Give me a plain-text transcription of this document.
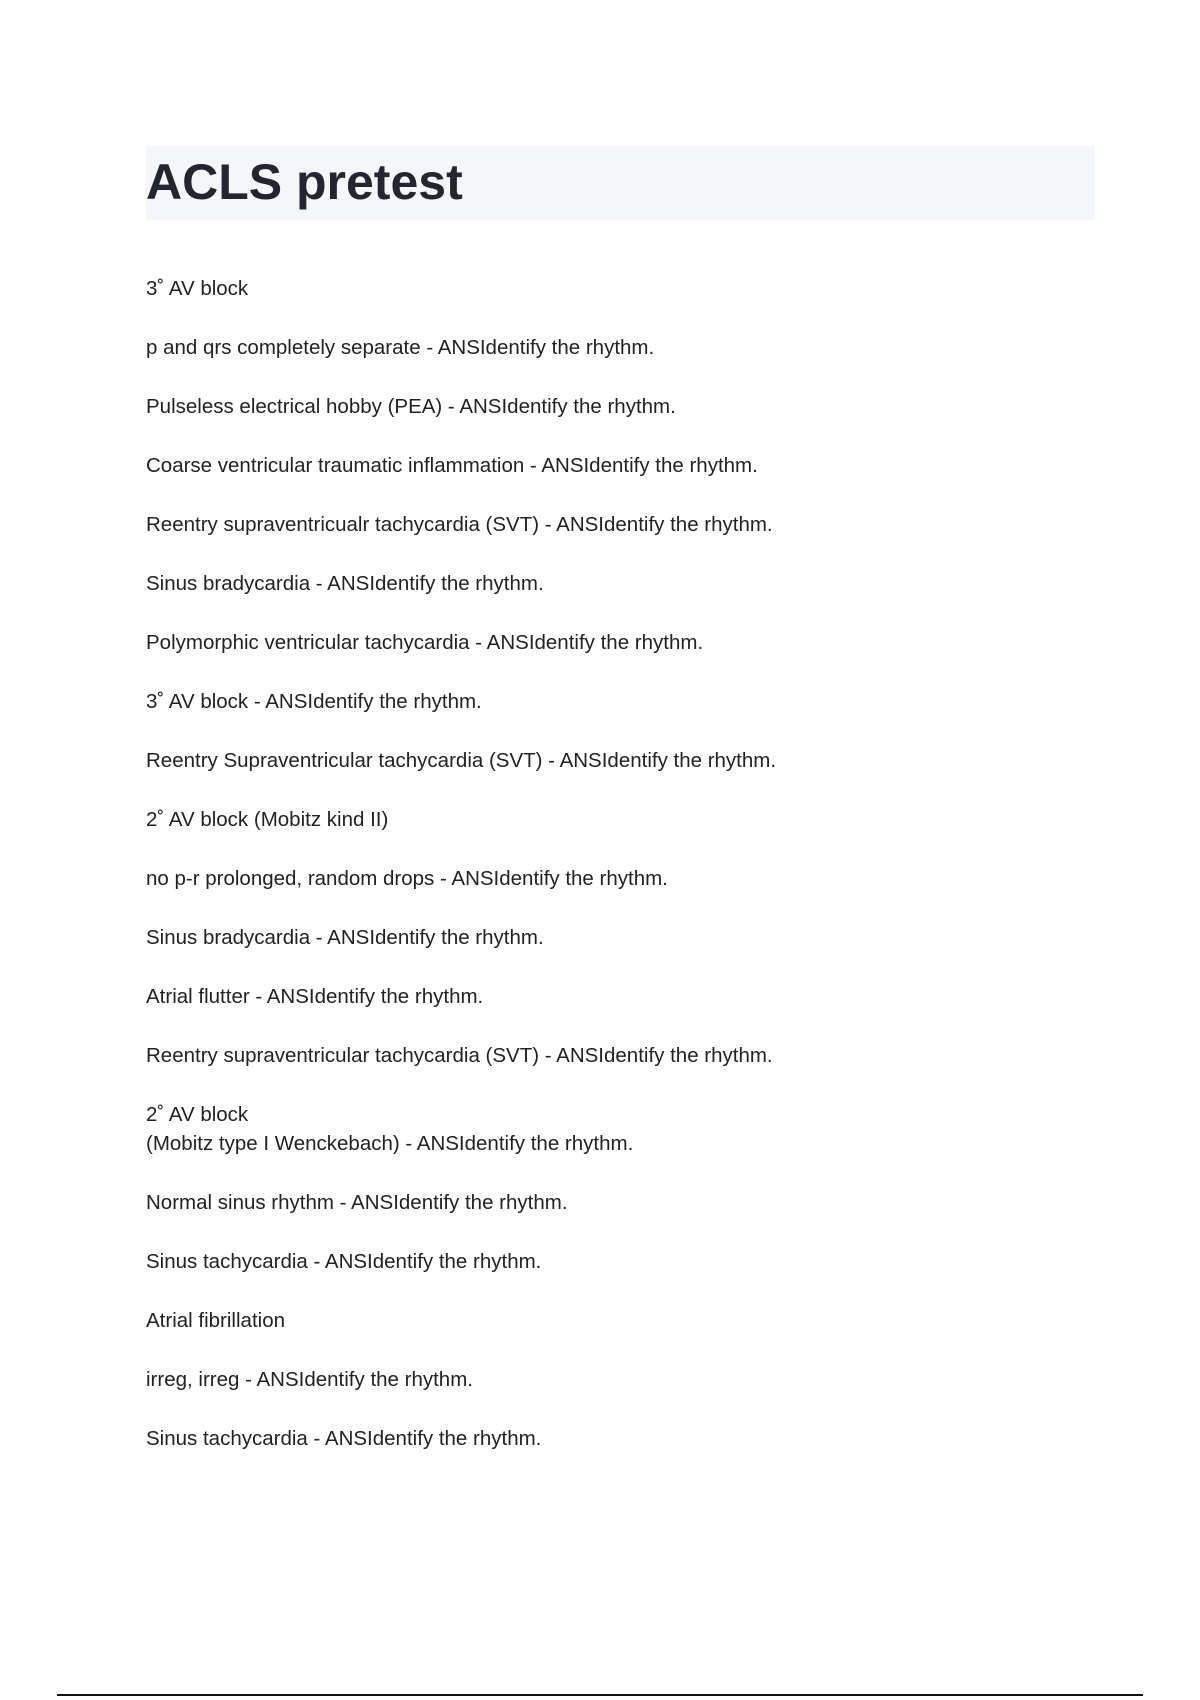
ACLS pretest

3˚ AV block

p and qrs completely separate - ANSIdentify the rhythm.

Pulseless electrical hobby (PEA) - ANSIdentify the rhythm.

Coarse ventricular traumatic inflammation - ANSIdentify the rhythm.

Reentry supraventricualr tachycardia (SVT) - ANSIdentify the rhythm.

Sinus bradycardia - ANSIdentify the rhythm.

Polymorphic ventricular tachycardia - ANSIdentify the rhythm.

3˚ AV block - ANSIdentify the rhythm.

Reentry Supraventricular tachycardia (SVT) - ANSIdentify the rhythm.

2˚ AV block (Mobitz kind II)

no p-r prolonged, random drops - ANSIdentify the rhythm.

Sinus bradycardia - ANSIdentify the rhythm.

Atrial flutter - ANSIdentify the rhythm.

Reentry supraventricular tachycardia (SVT) - ANSIdentify the rhythm.

2˚ AV block
(Mobitz type I Wenckebach) - ANSIdentify the rhythm.

Normal sinus rhythm - ANSIdentify the rhythm.

Sinus tachycardia - ANSIdentify the rhythm.

Atrial fibrillation

irreg, irreg - ANSIdentify the rhythm.

Sinus tachycardia - ANSIdentify the rhythm.
